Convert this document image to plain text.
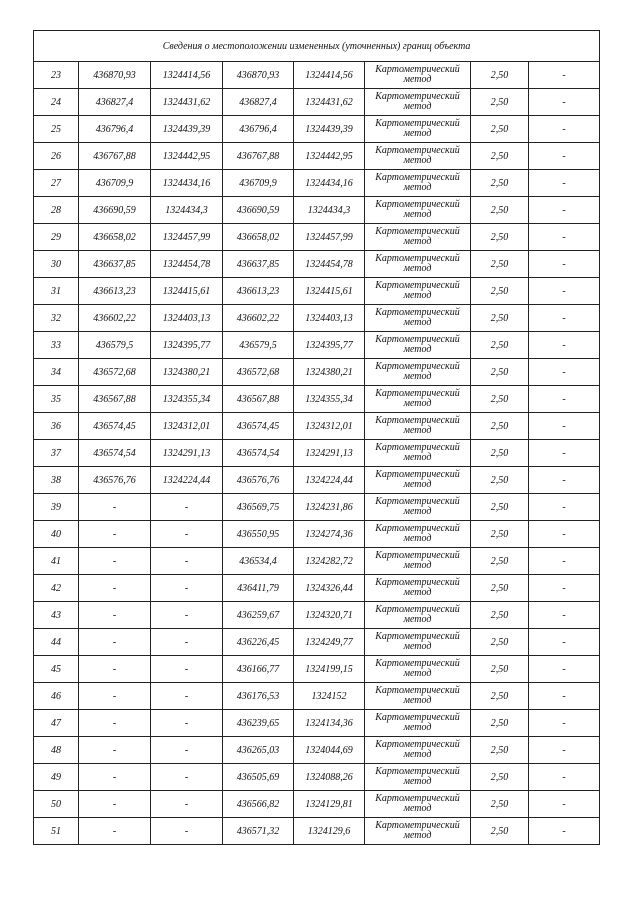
Сведения о местоположении измененных (уточненных) границ объекта							
23	436870,93	1324414,56	436870,93	1324414,56	Картометрический
метод	2,50	-
24	436827,4	1324431,62	436827,4	1324431,62	Картометрический
метод	2,50	-
25	436796,4	1324439,39	436796,4	1324439,39	Картометрический
метод	2,50	-
26	436767,88	1324442,95	436767,88	1324442,95	Картометрический
метод	2,50	-
27	436709,9	1324434,16	436709,9	1324434,16	Картометрический
метод	2,50	-
28	436690,59	1324434,3	436690,59	1324434,3	Картометрический
метод	2,50	-
29	436658,02	1324457,99	436658,02	1324457,99	Картометрический
метод	2,50	-
30	436637,85	1324454,78	436637,85	1324454,78	Картометрический
метод	2,50	-
31	436613,23	1324415,61	436613,23	1324415,61	Картометрический
метод	2,50	-
32	436602,22	1324403,13	436602,22	1324403,13	Картометрический
метод	2,50	-
33	436579,5	1324395,77	436579,5	1324395,77	Картометрический
метод	2,50	-
34	436572,68	1324380,21	436572,68	1324380,21	Картометрический
метод	2,50	-
35	436567,88	1324355,34	436567,88	1324355,34	Картометрический
метод	2,50	-
36	436574,45	1324312,01	436574,45	1324312,01	Картометрический
метод	2,50	-
37	436574,54	1324291,13	436574,54	1324291,13	Картометрический
метод	2,50	-
38	436576,76	1324224,44	436576,76	1324224,44	Картометрический
метод	2,50	-
39	-	-	436569,75	1324231,86	Картометрический
метод	2,50	-
40	-	-	436550,95	1324274,36	Картометрический
метод	2,50	-
41	-	-	436534,4	1324282,72	Картометрический
метод	2,50	-
42	-	-	436411,79	1324326,44	Картометрический
метод	2,50	-
43	-	-	436259,67	1324320,71	Картометрический
метод	2,50	-
44	-	-	436226,45	1324249,77	Картометрический
метод	2,50	-
45	-	-	436166,77	1324199,15	Картометрический
метод	2,50	-
46	-	-	436176,53	1324152	Картометрический
метод	2,50	-
47	-	-	436239,65	1324134,36	Картометрический
метод	2,50	-
48	-	-	436265,03	1324044,69	Картометрический
метод	2,50	-
49	-	-	436505,69	1324088,26	Картометрический
метод	2,50	-
50	-	-	436566,82	1324129,81	Картометрический
метод	2,50	-
51	-	-	436571,32	1324129,6	Картометрический
метод	2,50	-
